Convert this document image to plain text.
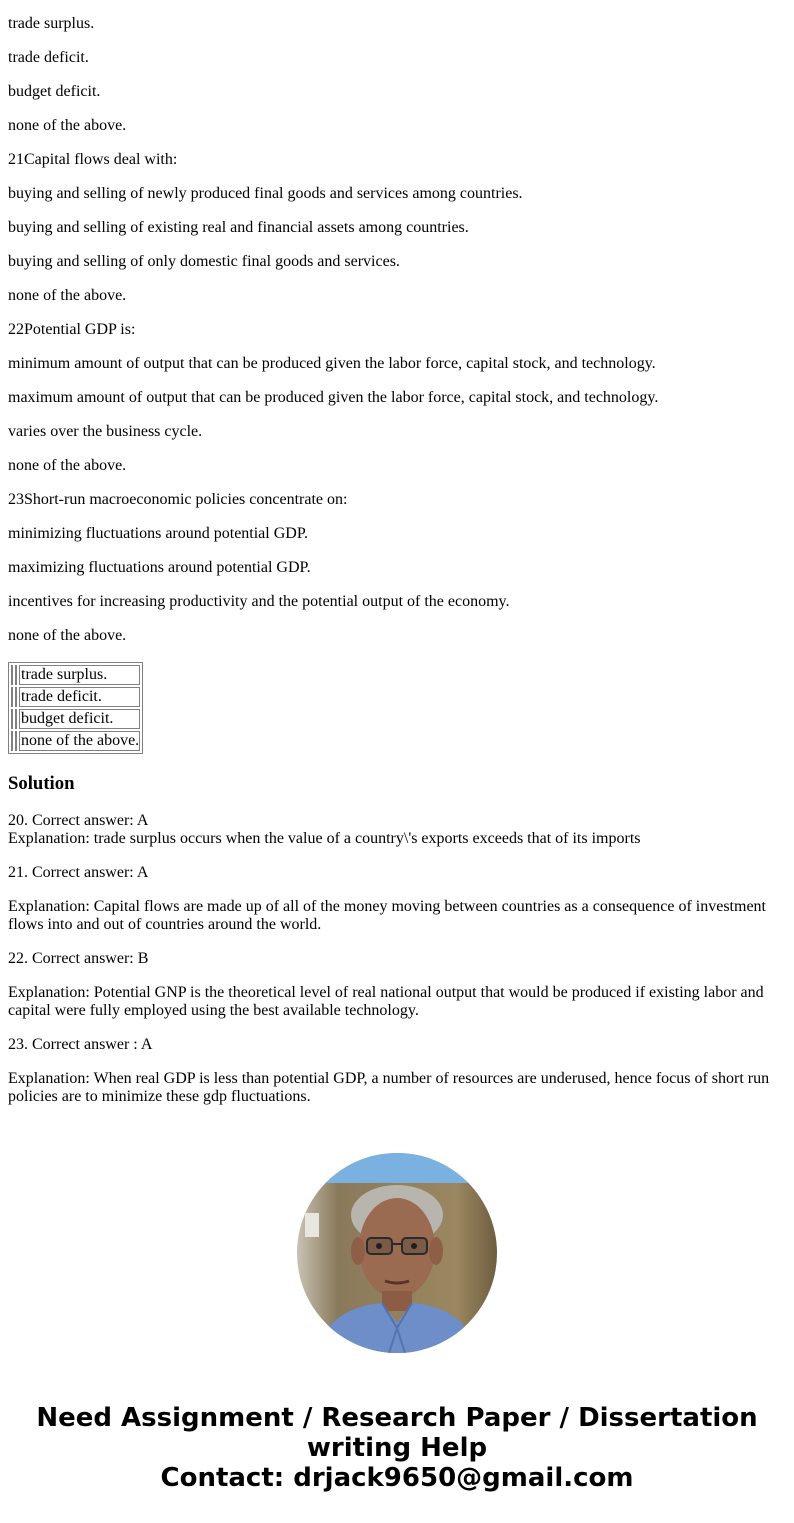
trade surplus.

trade deficit.

budget deficit.

none of the above.

21Capital flows deal with:

buying and selling of newly produced final goods and services among countries.

buying and selling of existing real and financial assets among countries.

buying and selling of only domestic final goods and services.

none of the above.

22Potential GDP is:

minimum amount of output that can be produced given the labor force, capital stock, and technology.

maximum amount of output that can be produced given the labor force, capital stock, and technology.

varies over the business cycle.

none of the above.

23Short-run macroeconomic policies concentrate on:

minimizing fluctuations around potential GDP.

maximizing fluctuations around potential GDP.

incentives for increasing productivity and the potential output of the economy.

none of the above.

		trade surplus.
		trade deficit.
		budget deficit.
		none of the above.
Solution

20. Correct answer: A

Explanation: trade surplus occurs when the value of a country\'s exports exceeds that of its imports

21. Correct answer: A

Explanation: Capital flows are made up of all of the money moving between countries as a consequence of investment flows into and out of countries around the world.

22. Correct answer: B

Explanation: Potential GNP is the theoretical level of real national output that would be produced if existing labor and capital were fully employed using the best available technology.

23. Correct answer : A

Explanation: When real GDP is less than potential GDP, a number of resources are underused, hence focus of short run policies are to minimize these gdp fluctuations.

Need Assignment / Research Paper / Dissertation
writing Help
Contact: drjack9650@gmail.com
